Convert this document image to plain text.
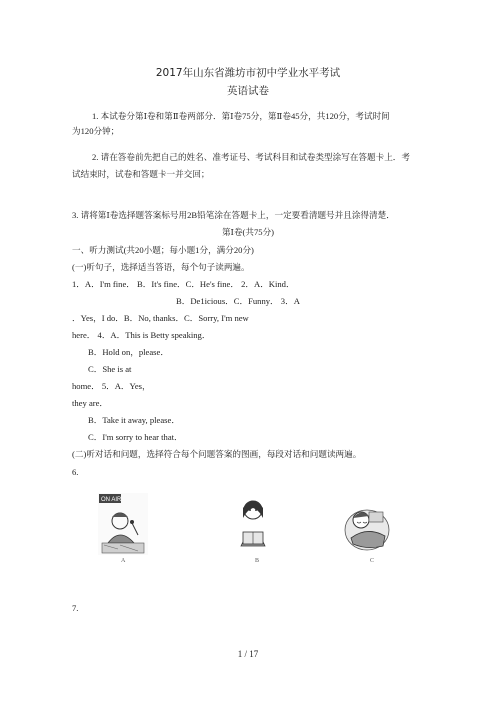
2017年山东省潍坊市初中学业水平考试
英语试卷
1. 本试卷分第Ⅰ卷和第Ⅱ卷两部分．第Ⅰ卷75分，第Ⅱ卷45分，共120分，考试时间
为120分钟；
2. 请在答卷前先把自己的姓名、准考证号、考试科目和试卷类型涂写在答题卡上．考
试结束时，试卷和答题卡一并交回；
3. 请将第Ⅰ卷选择题答案标号用2B铅笔涂在答题卡上，一定要看清题号并且涂得清楚．
第Ⅰ卷(共75分)
一、听力测试(共20小题；每小题1分，满分20分)
(一)听句子，选择适当答语，每个句子读两遍。
1．A．I'm fine． B．It's fine．C．He's fine． 2．A．Kind．
B．De1icious．C．Funny． 3．A
．Yes，I do．B．No, thanks．C．Sorry, I'm new
here． 4．A．This is Betty speaking．
B．Hold on，please．
C．She is at
home． 5．A．Yes，
they are．
B．Take it away, please．
C．I'm sorry to hear that．
(二)听对话和问题，选择符合每个问题答案的图画，每段对话和问题读两遍。
6.
ON AIR
A	B	C
7.
1 / 17
